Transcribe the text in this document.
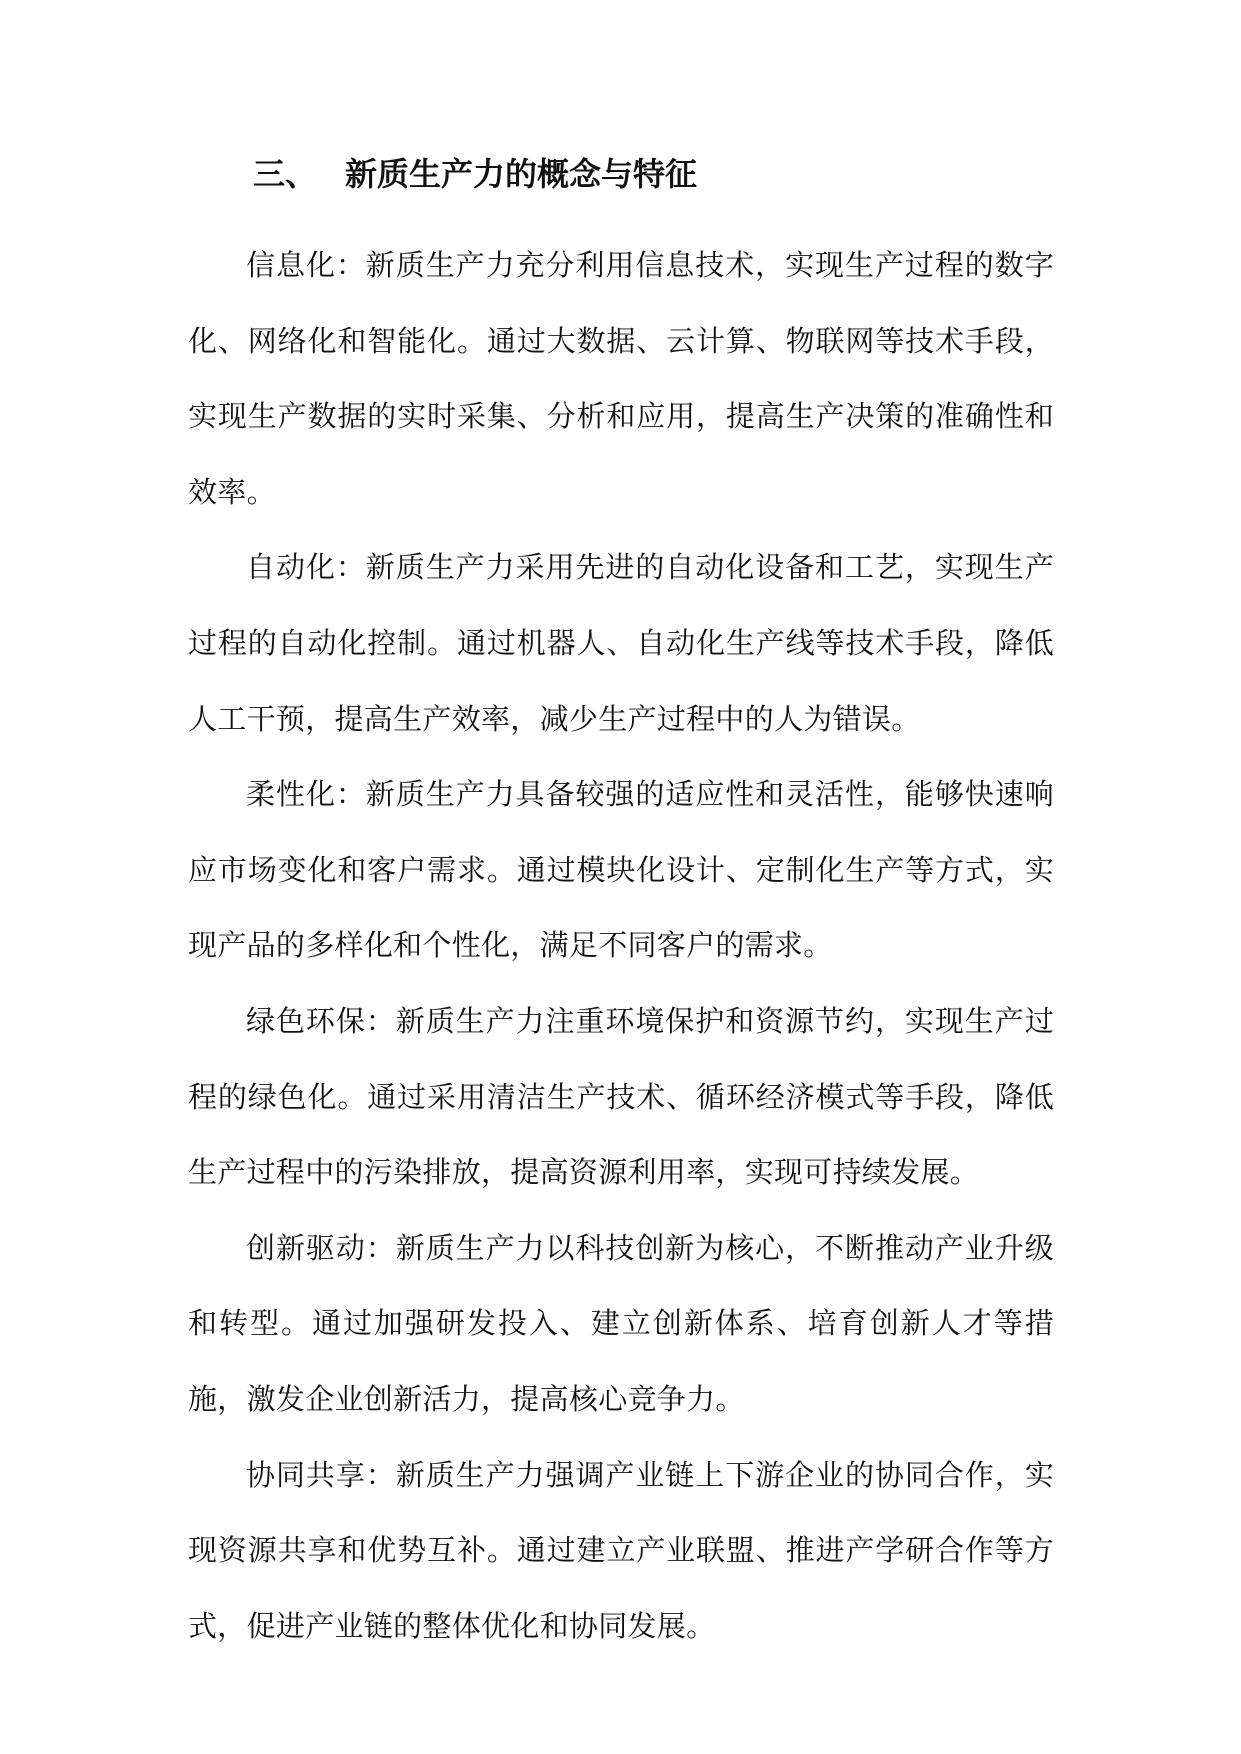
三、 新质生产力的概念与特征

信息化：新质生产力充分利用信息技术，实现生产过程的数字化、网络化和智能化。通过大数据、云计算、物联网等技术手段，实现生产数据的实时采集、分析和应用，提高生产决策的准确性和效率。

自动化：新质生产力采用先进的自动化设备和工艺，实现生产过程的自动化控制。通过机器人、自动化生产线等技术手段，降低人工干预，提高生产效率，减少生产过程中的人为错误。

柔性化：新质生产力具备较强的适应性和灵活性，能够快速响应市场变化和客户需求。通过模块化设计、定制化生产等方式，实现产品的多样化和个性化，满足不同客户的需求。

绿色环保：新质生产力注重环境保护和资源节约，实现生产过程的绿色化。通过采用清洁生产技术、循环经济模式等手段，降低生产过程中的污染排放，提高资源利用率，实现可持续发展。

创新驱动：新质生产力以科技创新为核心，不断推动产业升级和转型。通过加强研发投入、建立创新体系、培育创新人才等措施，激发企业创新活力，提高核心竞争力。

协同共享：新质生产力强调产业链上下游企业的协同合作，实现资源共享和优势互补。通过建立产业联盟、推进产学研合作等方式，促进产业链的整体优化和协同发展。
